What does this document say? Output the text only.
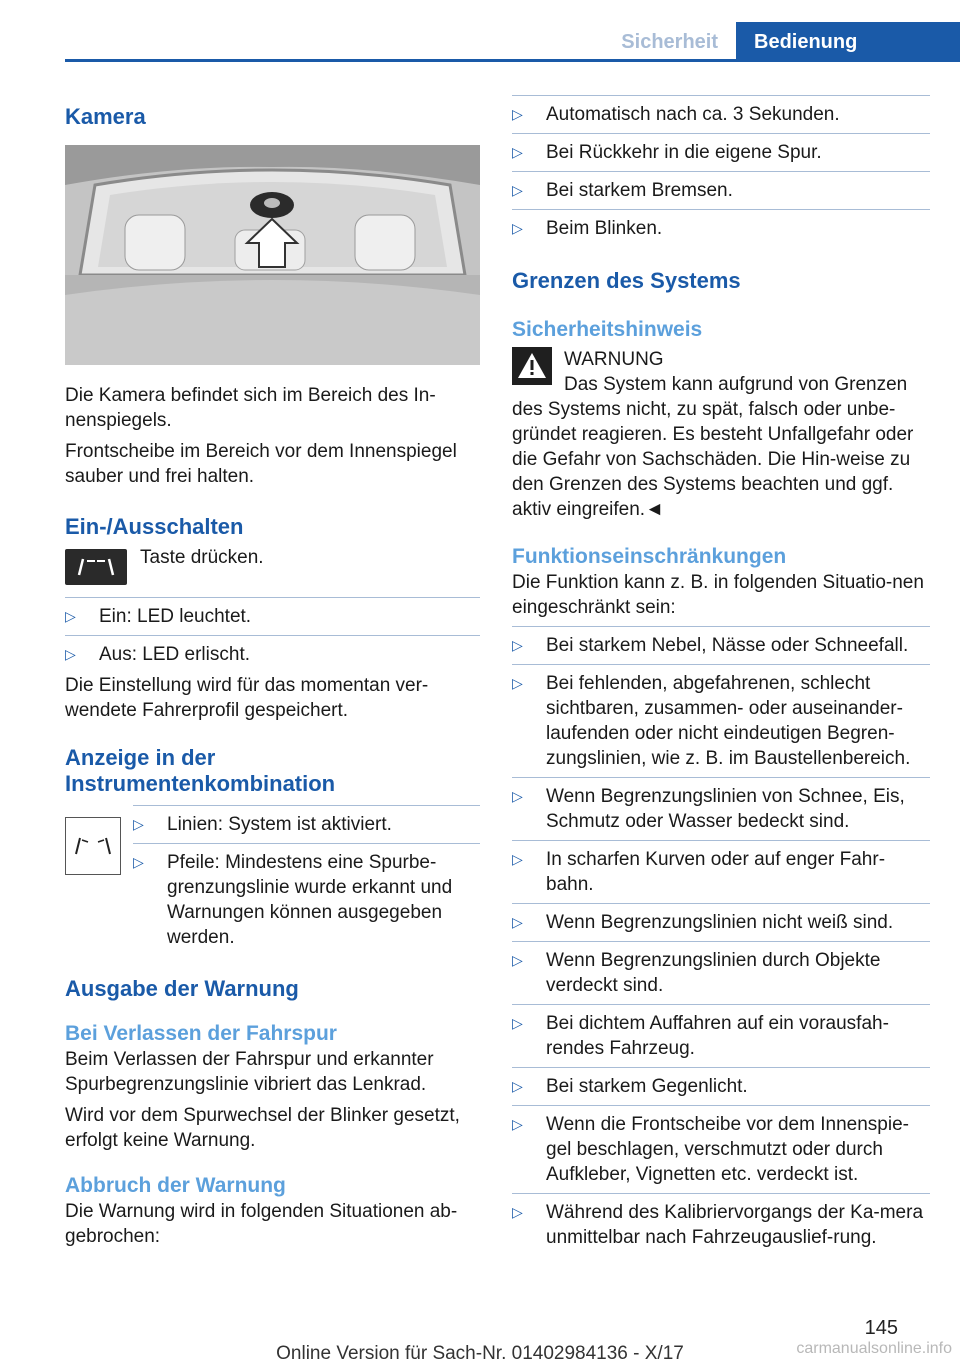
Sicherheit	Bedienung
Kamera

Die Kamera befindet sich im Bereich des In-nenspiegels.

Frontscheibe im Bereich vor dem Innenspiegel sauber und frei halten.

Ein-/Ausschalten

Taste drücken.

▷ Ein: LED leuchtet.
▷ Aus: LED erlischt.

Die Einstellung wird für das momentan ver-wendete Fahrerprofil gespeichert.

Anzeige in der Instrumentenkombination
▷ Linien: System ist aktiviert.
▷ Pfeile: Mindestens eine Spurbe-grenzungslinie wurde erkannt und Warnungen können ausgegeben werden.
Ausgabe der Warnung
Bei Verlassen der Fahrspur

Beim Verlassen der Fahrspur und erkannter Spurbegrenzungslinie vibriert das Lenkrad.

Wird vor dem Spurwechsel der Blinker gesetzt, erfolgt keine Warnung.

Abbruch der Warnung

Die Warnung wird in folgenden Situationen ab-gebrochen:

▷ Automatisch nach ca. 3 Sekunden.
▷ Bei Rückkehr in die eigene Spur.
▷ Bei starkem Bremsen.
▷ Beim Blinken.
Grenzen des Systems
Sicherheitshinweis

WARNUNG

Das System kann aufgrund von Grenzen des Systems nicht, zu spät, falsch oder unbe-gründet reagieren. Es besteht Unfallgefahr oder die Gefahr von Sachschäden. Die Hin-weise zu den Grenzen des Systems beachten und ggf. aktiv eingreifen.◄

Funktionseinschränkungen

Die Funktion kann z. B. in folgenden Situatio-nen eingeschränkt sein:

▷ Bei starkem Nebel, Nässe oder Schneefall.
▷ Bei fehlenden, abgefahrenen, schlecht sichtbaren, zusammen- oder auseinander-laufenden oder nicht eindeutigen Begren-zungslinien, wie z. B. im Baustellenbereich.
▷ Wenn Begrenzungslinien von Schnee, Eis, Schmutz oder Wasser bedeckt sind.
▷ In scharfen Kurven oder auf enger Fahr-bahn.
▷ Wenn Begrenzungslinien nicht weiß sind.
▷ Wenn Begrenzungslinien durch Objekte verdeckt sind.
▷ Bei dichtem Auffahren auf ein vorausfah-rendes Fahrzeug.
▷ Bei starkem Gegenlicht.
▷ Wenn die Frontscheibe vor dem Innenspie-gel beschlagen, verschmutzt oder durch Aufkleber, Vignetten etc. verdeckt ist.
▷ Während des Kalibriervorgangs der Ka-mera unmittelbar nach Fahrzeugauslief-rung.
145
Online Version für Sach-Nr. 01402984136 - X/17	carmanualsonline.info
